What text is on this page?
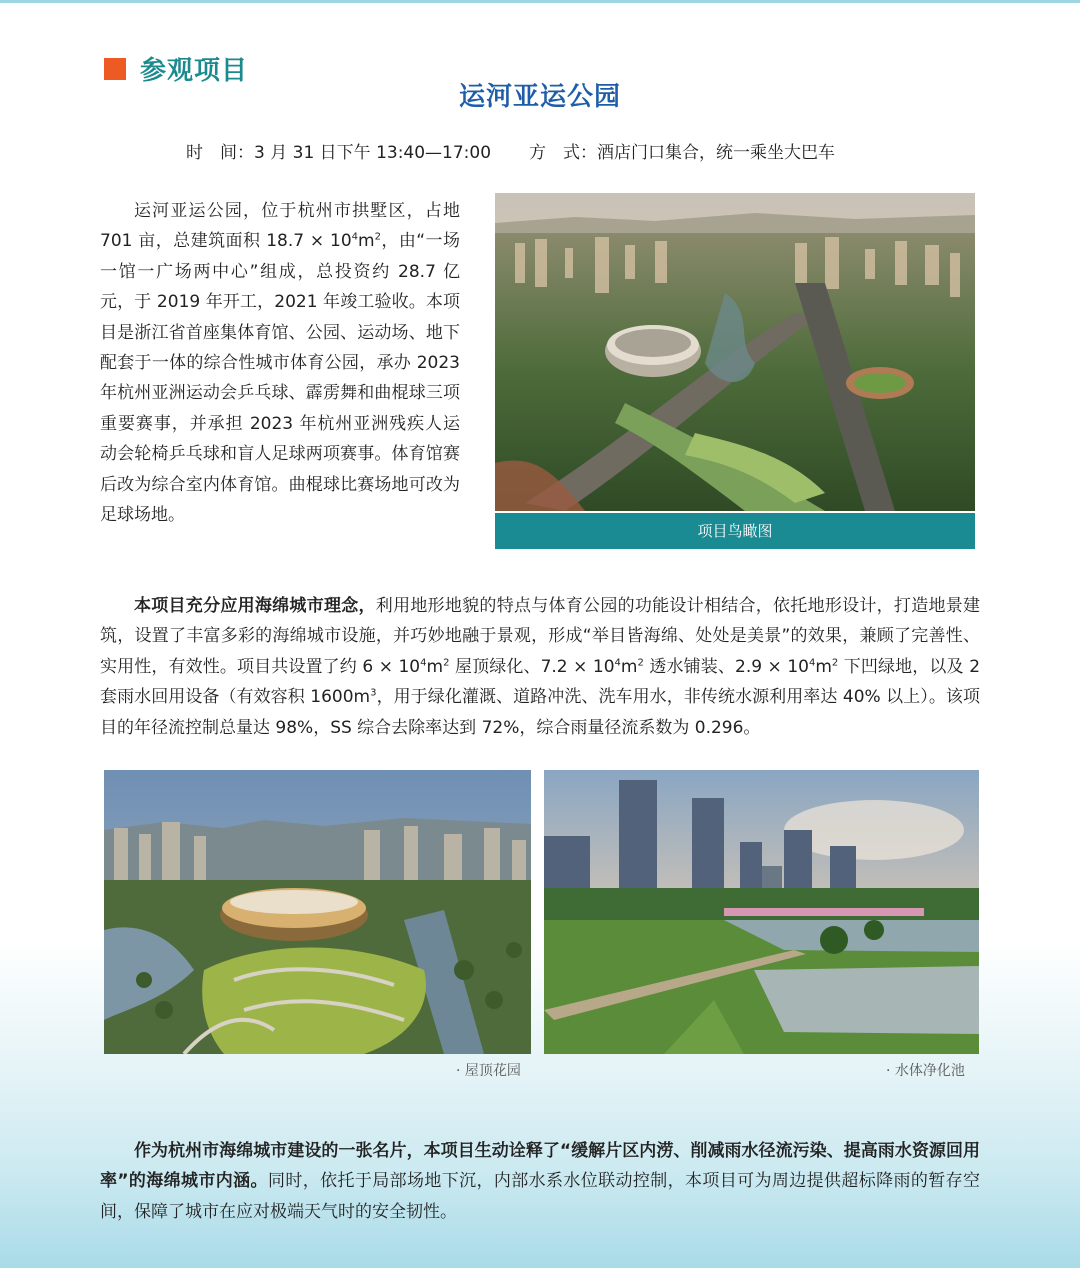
参观项目
运河亚运公园
时　间：3 月 31 日下午 13:40—17:00 方　式：酒店门口集合，统一乘坐大巴车

运河亚运公园，位于杭州市拱墅区，占地 701 亩，总建筑面积 $18.7 \times 10^4m^2$，由“一场一馆一广场两中心”组成，总投资约 28.7 亿元，于 2019 年开工，2021 年竣工验收。本项目是浙江省首座集体育馆、公园、运动场、地下配套于一体的综合性城市体育公园，承办 2023 年杭州亚洲运动会乒乓球、霹雳舞和曲棍球三项重要赛事，并承担 2023 年杭州亚洲残疾人运动会轮椅乒乓球和盲人足球两项赛事。体育馆赛后改为综合室内体育馆。曲棍球比赛场地可改为足球场地。

项目鸟瞰图

本项目充分应用海绵城市理念，利用地形地貌的特点与体育公园的功能设计相结合，依托地形设计，打造地景建筑，设置了丰富多彩的海绵城市设施，并巧妙地融于景观，形成“举目皆海绵、处处是美景”的效果，兼顾了完善性、实用性，有效性。项目共设置了约 $6 \times 10^4m^2$ 屋顶绿化、$7.2 \times 10^4m^2$ 透水铺装、$2.9 \times 10^4m^2$ 下凹绿地，以及 2 套雨水回用设备（有效容积 $1600m^3$，用于绿化灌溉、道路冲洗、洗车用水，非传统水源利用率达 40% 以上）。该项目的年径流控制总量达 98%，SS 综合去除率达到 72%，综合雨量径流系数为 0.296。

· 屋顶花园	· 水体净化池

作为杭州市海绵城市建设的一张名片，本项目生动诠释了“缓解片区内涝、削减雨水径流污染、提高雨水资源回用率”的海绵城市内涵。同时，依托于局部场地下沉，内部水系水位联动控制，本项目可为周边提供超标降雨的暂存空间，保障了城市在应对极端天气时的安全韧性。
